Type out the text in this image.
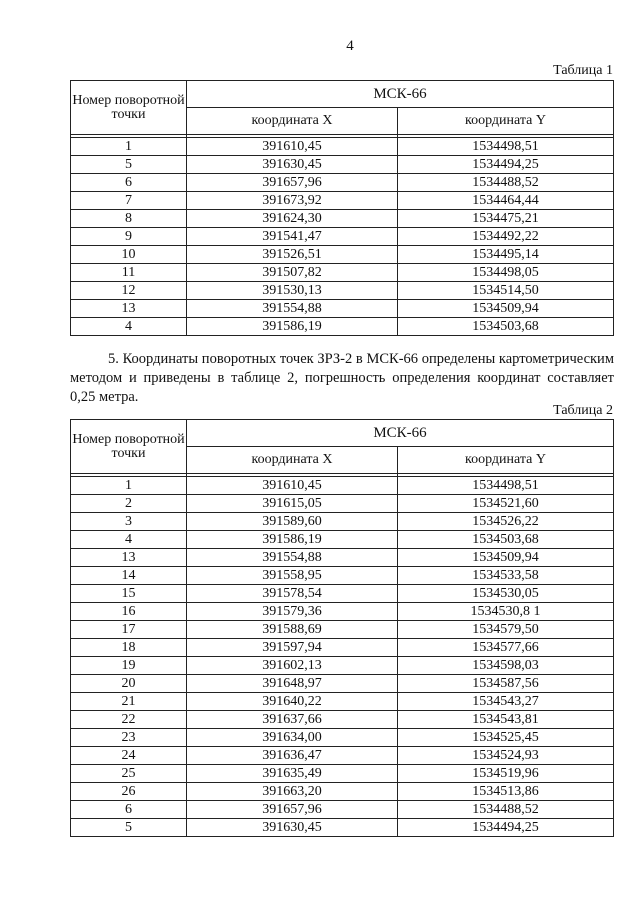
4
Таблица 1
Номер поворотной точки	МСК-66	
	координата X	координата Y

1	391610,45	1534498,51
5	391630,45	1534494,25
6	391657,96	1534488,52
7	391673,92	1534464,44
8	391624,30	1534475,21
9	391541,47	1534492,22
10	391526,51	1534495,14
11	391507,82	1534498,05
12	391530,13	1534514,50
13	391554,88	1534509,94
4	391586,19	1534503,68
5. Координаты поворотных точек ЗРЗ-2 в МСК-66 определены картометрическим методом и приведены в таблице 2, погрешность определения координат составляет 0,25 метра.
Таблица 2
Номер поворотной точки	МСК-66	
	координата X	координата Y

1	391610,45	1534498,51
2	391615,05	1534521,60
3	391589,60	1534526,22
4	391586,19	1534503,68
13	391554,88	1534509,94
14	391558,95	1534533,58
15	391578,54	1534530,05
16	391579,36	1534530,8 1
17	391588,69	1534579,50
18	391597,94	1534577,66
19	391602,13	1534598,03
20	391648,97	1534587,56
21	391640,22	1534543,27
22	391637,66	1534543,81
23	391634,00	1534525,45
24	391636,47	1534524,93
25	391635,49	1534519,96
26	391663,20	1534513,86
6	391657,96	1534488,52
5	391630,45	1534494,25
